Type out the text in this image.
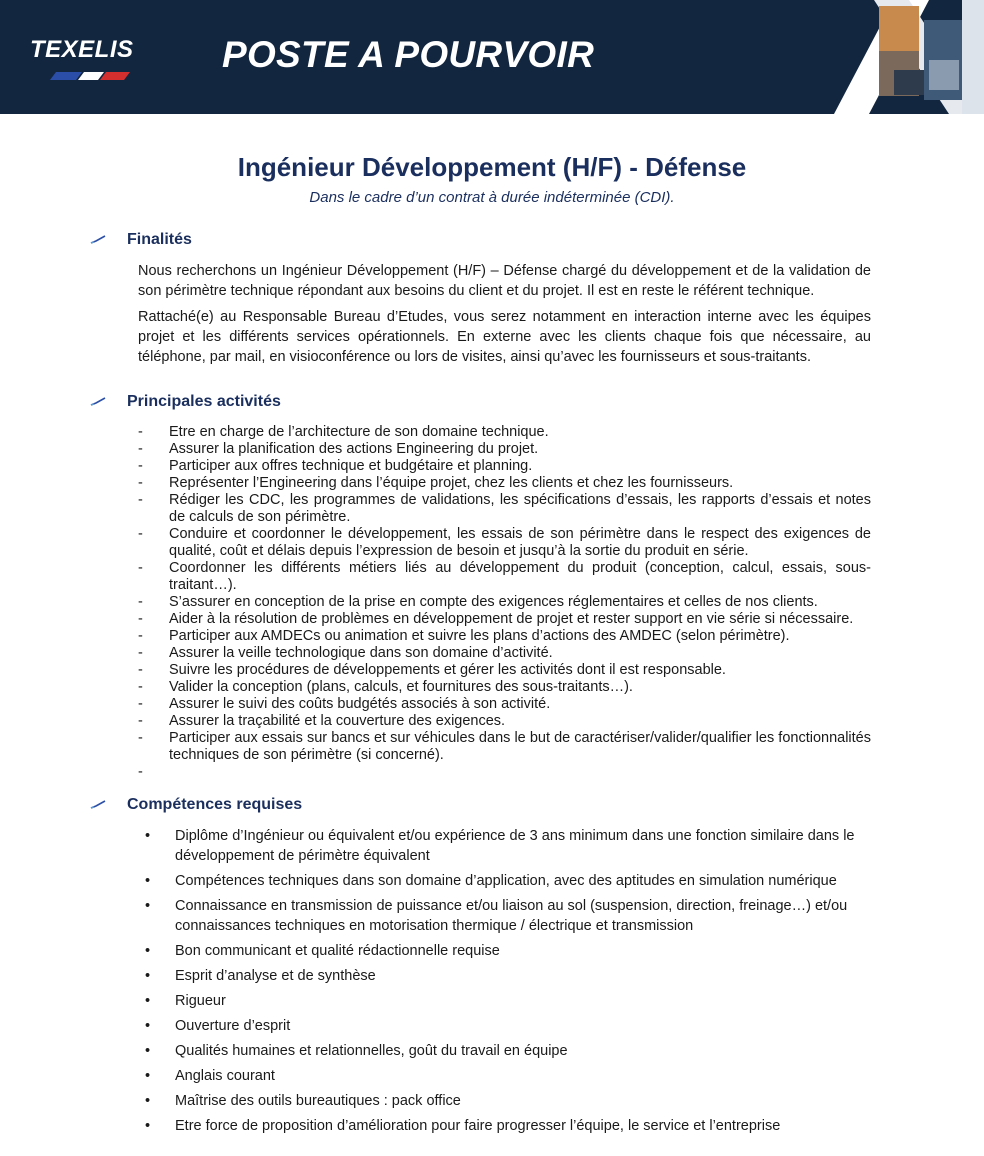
TEXELIS POSTE A POURVOIR
Ingénieur Développement (H/F) - Défense
Dans le cadre d’un contrat à durée indéterminée (CDI).
Finalités

Nous recherchons un Ingénieur Développement (H/F) – Défense chargé du développement et de la validation de son périmètre technique répondant aux besoins du client et du projet. Il est en reste le référent technique.

Rattaché(e) au Responsable Bureau d’Etudes, vous serez notamment en interaction interne avec les équipes projet et les différents services opérationnels. En externe avec les clients chaque fois que nécessaire, au téléphone, par mail, en visioconférence ou lors de visites, ainsi qu’avec les fournisseurs et sous-traitants.

Principales activités
- Etre en charge de l’architecture de son domaine technique.
- Assurer la planification des actions Engineering du projet.
- Participer aux offres technique et budgétaire et planning.
- Représenter l’Engineering dans l’équipe projet, chez les clients et chez les fournisseurs.
- Rédiger les CDC, les programmes de validations, les spécifications d’essais, les rapports d’essais et notes de calculs de son périmètre.
- Conduire et coordonner le développement, les essais de son périmètre dans le respect des exigences de qualité, coût et délais depuis l’expression de besoin et jusqu’à la sortie du produit en série.
- Coordonner les différents métiers liés au développement du produit (conception, calcul, essais, sous-traitant…).
- S’assurer en conception de la prise en compte des exigences réglementaires et celles de nos clients.
- Aider à la résolution de problèmes en développement de projet et rester support en vie série si nécessaire.
- Participer aux AMDECs ou animation et suivre les plans d’actions des AMDEC (selon périmètre).
- Assurer la veille technologique dans son domaine d’activité.
- Suivre les procédures de développements et gérer les activités dont il est responsable.
- Valider la conception (plans, calculs, et fournitures des sous-traitants…).
- Assurer le suivi des coûts budgétés associés à son activité.
- Assurer la traçabilité et la couverture des exigences.
- Participer aux essais sur bancs et sur véhicules dans le but de caractériser/valider/qualifier les fonctionnalités techniques de son périmètre (si concerné).
-
Compétences requises
• Diplôme d’Ingénieur ou équivalent et/ou expérience de 3 ans minimum dans une fonction similaire dans le développement de périmètre équivalent
• Compétences techniques dans son domaine d’application, avec des aptitudes en simulation numérique
• Connaissance en transmission de puissance et/ou liaison au sol (suspension, direction, freinage…) et/ou connaissances techniques en motorisation thermique / électrique et transmission
• Bon communicant et qualité rédactionnelle requise
• Esprit d’analyse et de synthèse
• Rigueur
• Ouverture d’esprit
• Qualités humaines et relationnelles, goût du travail en équipe
• Anglais courant
• Maîtrise des outils bureautiques : pack office
• Etre force de proposition d’amélioration pour faire progresser l’équipe, le service et l’entreprise
